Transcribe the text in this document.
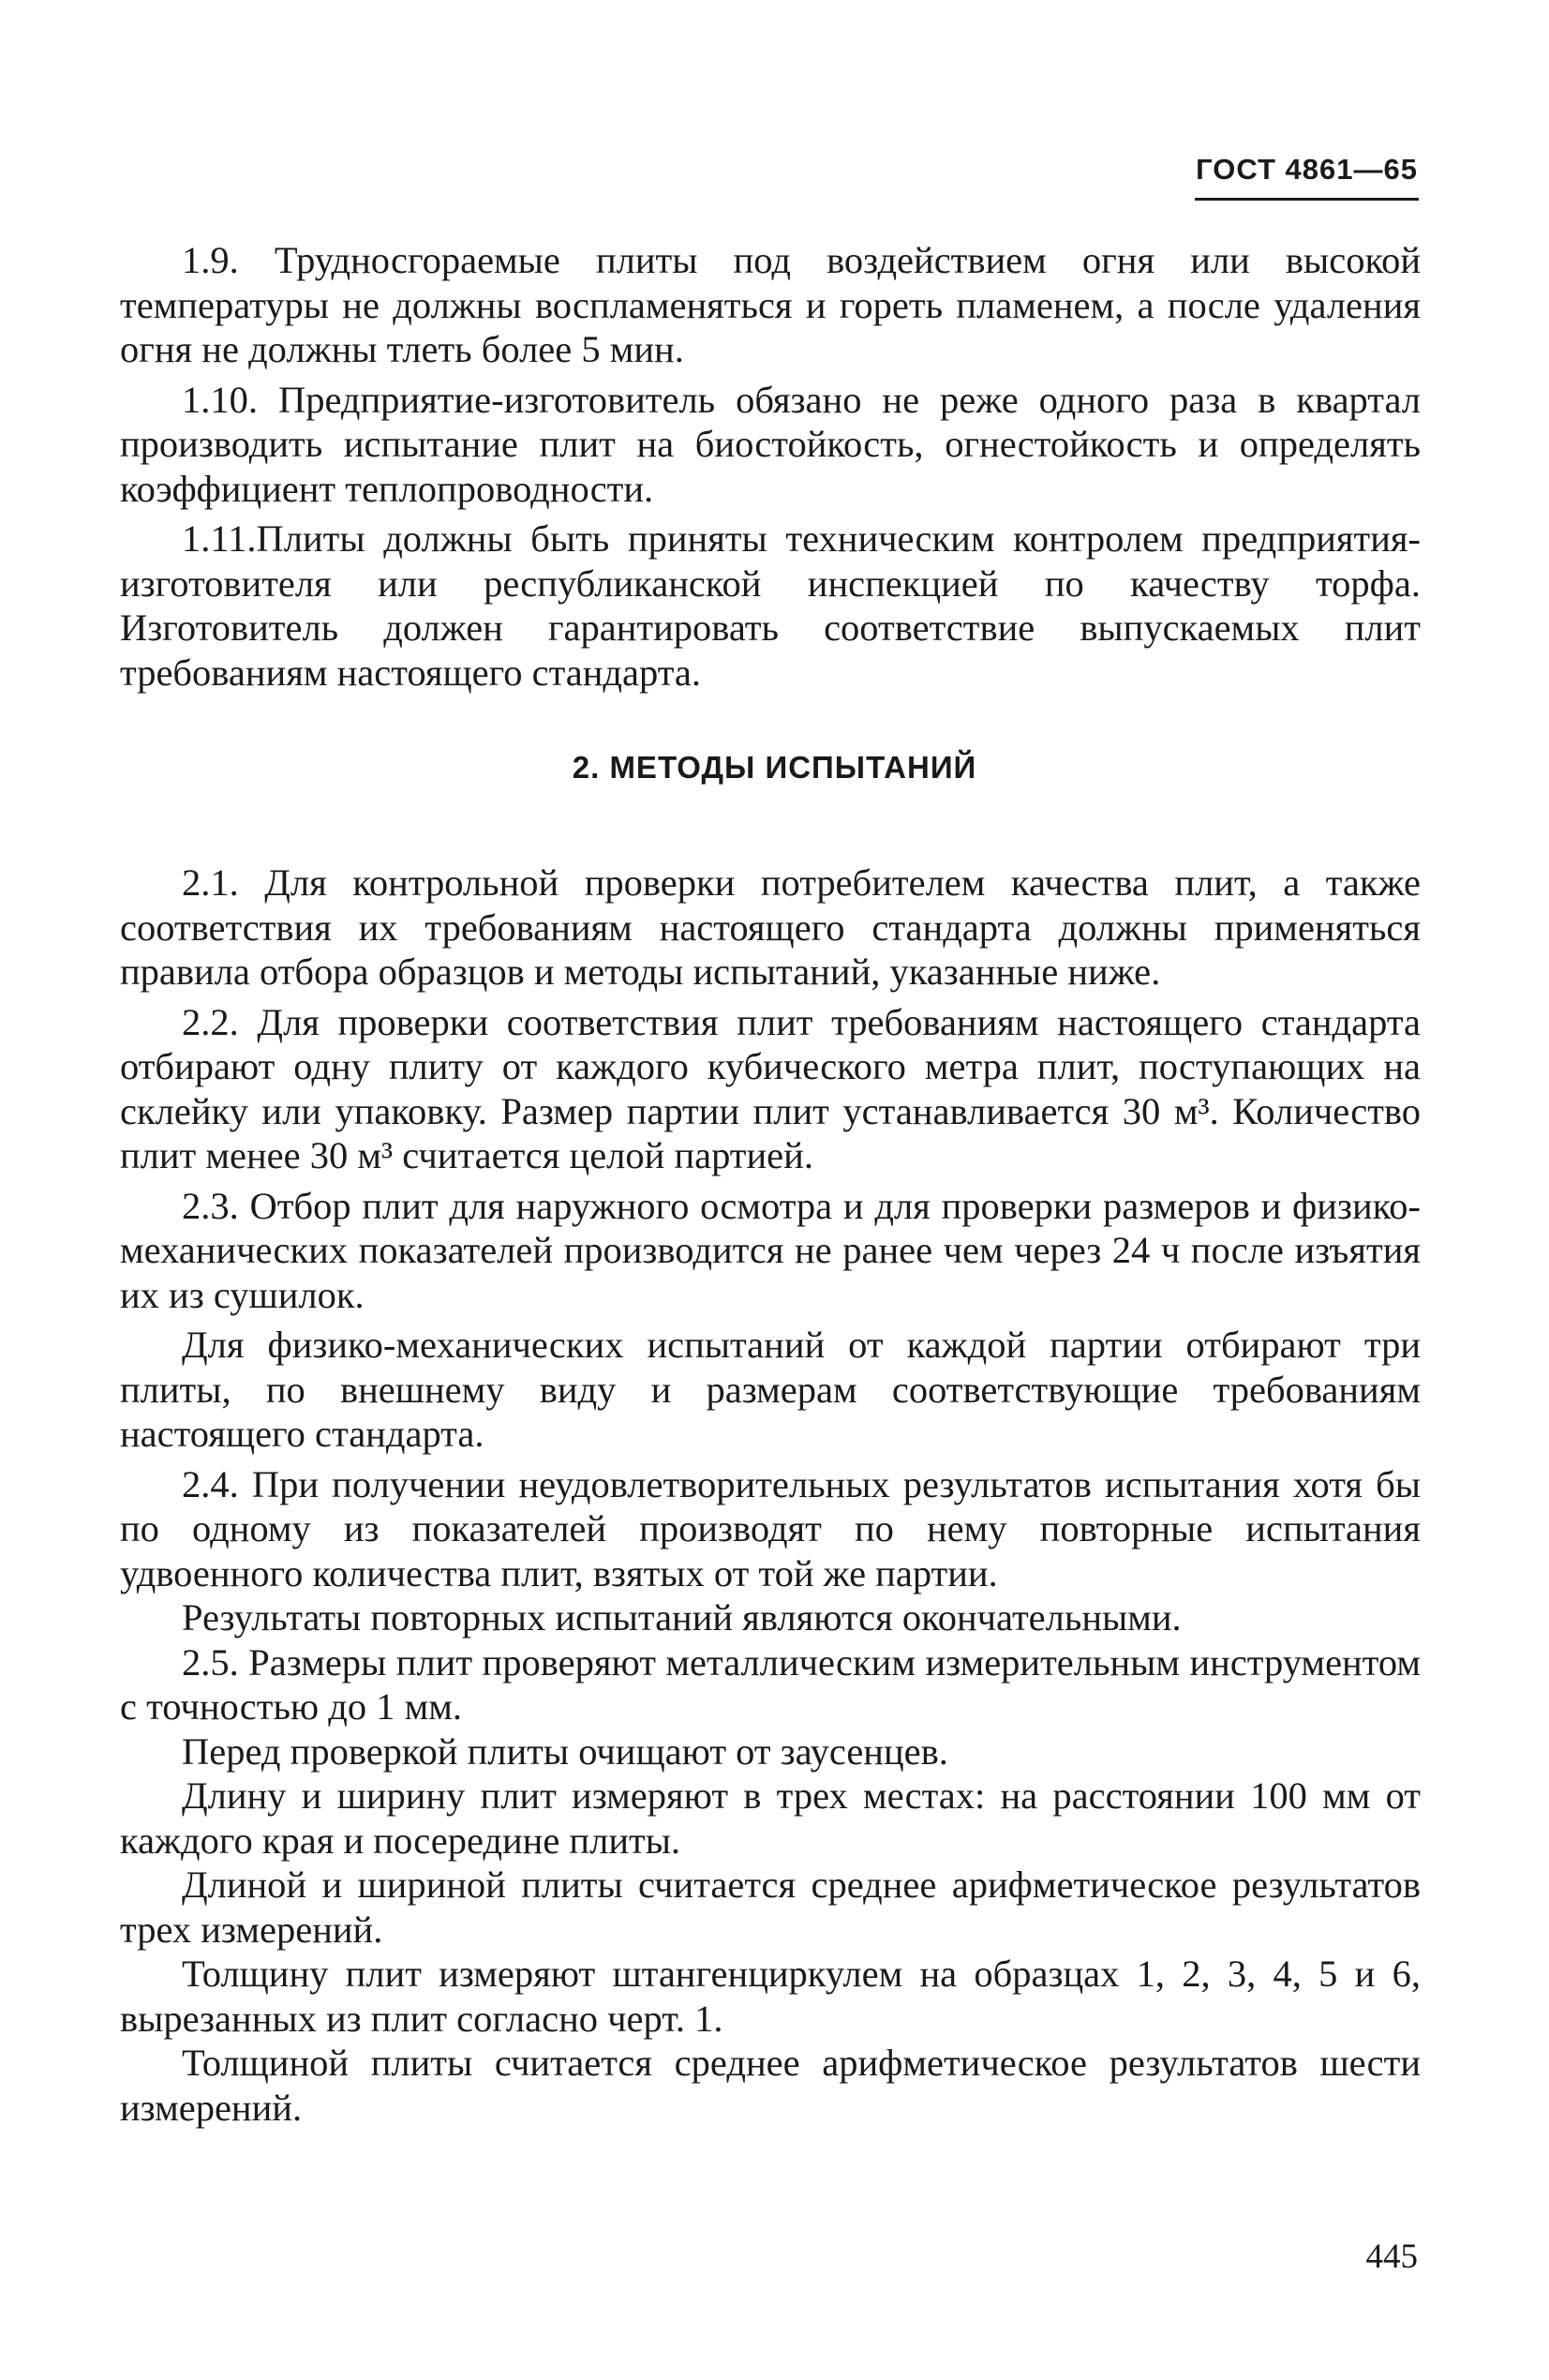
ГОСТ 4861—65

1.9. Трудносгораемые плиты под воздействием огня или высокой температуры не должны воспламеняться и гореть пламенем, а после удаления огня не должны тлеть более 5 мин.

1.10. Предприятие-изготовитель обязано не реже одного раза в квартал производить испытание плит на биостойкость, огнестойкость и определять коэффициент теплопроводности.

1.11.Плиты должны быть приняты техническим контролем предприятия-изготовителя или республиканской инспекцией по качеству торфа. Изготовитель должен гарантировать соответствие выпускаемых плит требованиям настоящего стандарта.

2. МЕТОДЫ ИСПЫТАНИЙ

2.1. Для контрольной проверки потребителем качества плит, а также соответствия их требованиям настоящего стандарта должны применяться правила отбора образцов и методы испытаний, указанные ниже.

2.2. Для проверки соответствия плит требованиям настоящего стандарта отбирают одну плиту от каждого кубического метра плит, поступающих на склейку или упаковку. Размер партии плит устанавливается 30 м³. Количество плит менее 30 м³ считается целой партией.

2.3. Отбор плит для наружного осмотра и для проверки размеров и физико-механических показателей производится не ранее чем через 24 ч после изъятия их из сушилок.

Для физико-механических испытаний от каждой партии отбирают три плиты, по внешнему виду и размерам соответствующие требованиям настоящего стандарта.

2.4. При получении неудовлетворительных результатов испытания хотя бы по одному из показателей производят по нему повторные испытания удвоенного количества плит, взятых от той же партии.

Результаты повторных испытаний являются окончательными.

2.5. Размеры плит проверяют металлическим измерительным инструментом с точностью до 1 мм.

Перед проверкой плиты очищают от заусенцев.

Длину и ширину плит измеряют в трех местах: на расстоянии 100 мм от каждого края и посередине плиты.

Длиной и шириной плиты считается среднее арифметическое результатов трех измерений.

Толщину плит измеряют штангенциркулем на образцах 1, 2, 3, 4, 5 и 6, вырезанных из плит согласно черт. 1.

Толщиной плиты считается среднее арифметическое результатов шести измерений.

445
